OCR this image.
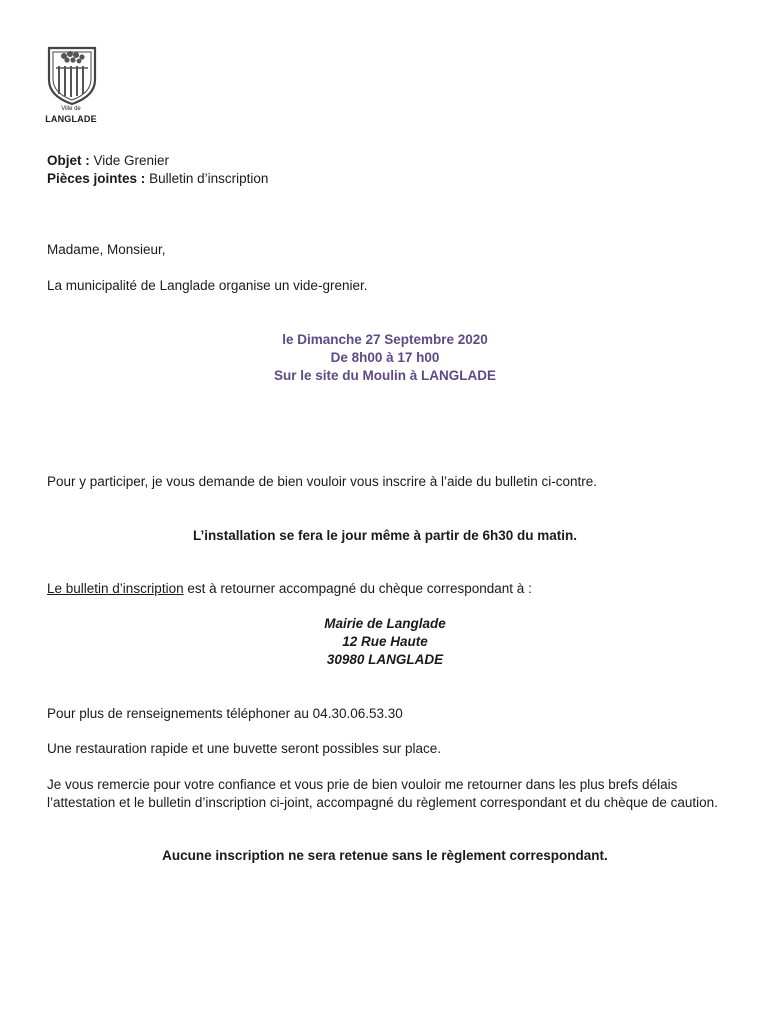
Ville de
LANGLADE
Objet : Vide Grenier
Pièces jointes : Bulletin d’inscription
Madame, Monsieur,
La municipalité de Langlade organise un vide-grenier.
le Dimanche 27 Septembre 2020
De 8h00 à 17 h00
Sur le site du Moulin à LANGLADE
Pour y participer, je vous demande de bien vouloir vous inscrire à l’aide du bulletin ci-contre.
L’installation se fera le jour même à partir de 6h30 du matin.
Le bulletin d’inscription est à retourner accompagné du chèque correspondant à :
Mairie de Langlade
12 Rue Haute
30980 LANGLADE
Pour plus de renseignements téléphoner au 04.30.06.53.30
Une restauration rapide et une buvette seront possibles sur place.
Je vous remercie pour votre confiance et vous prie de bien vouloir me retourner dans les plus brefs délais l’attestation et le bulletin d’inscription ci-joint, accompagné du règlement correspondant et du chèque de caution.
Aucune inscription ne sera retenue sans le règlement correspondant.
